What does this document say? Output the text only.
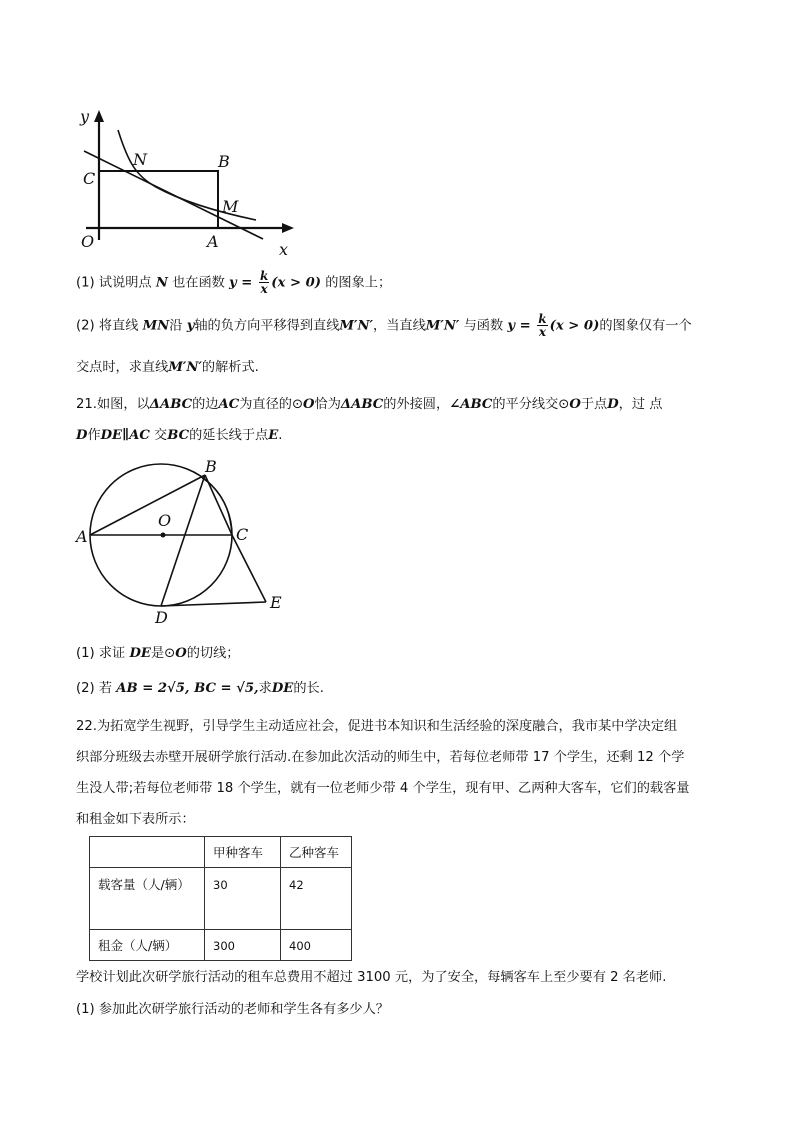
y
O
C
N	B
M
A	x
(1) 试说明点 N 也在函数 $y = \frac{k}{x} (x > 0)$ 的图象上；
(2) 将直线 MN沿 y轴的负方向平移得到直线M′N′，当直线M′N′ 与函数 $y = \frac{k}{x} (x > 0)$的图象仅有一个
交点时，求直线M′N′的解析式.
21.如图，以ΔABC的边AC为直径的⊙O恰为ΔABC的外接圆，∠ABC的平分线交⊙O于点D，过 点
D作DE∥AC 交BC的延长线于点E.
B
O
A	C
D
E
(1) 求证 DE是⊙O的切线；
(2) 若 AB = 2√5, BC = √5,求DE的长.
22.为拓宽学生视野，引导学生主动适应社会，促进书本知识和生活经验的深度融合，我市某中学决定组
织部分班级去赤壁开展研学旅行活动.在参加此次活动的师生中，若每位老师带 17 个学生，还剩 12 个学
生没人带;若每位老师带 18 个学生，就有一位老师少带 4 个学生，现有甲、乙两种大客车，它们的载客量
和租金如下表所示：
	甲种客车	乙种客车
载客量（人/辆）	30	42
租金（人/辆）	300	400
学校计划此次研学旅行活动的租车总费用不超过 3100 元，为了安全，每辆客车上至少要有 2 名老师.
(1) 参加此次研学旅行活动的老师和学生各有多少人？
